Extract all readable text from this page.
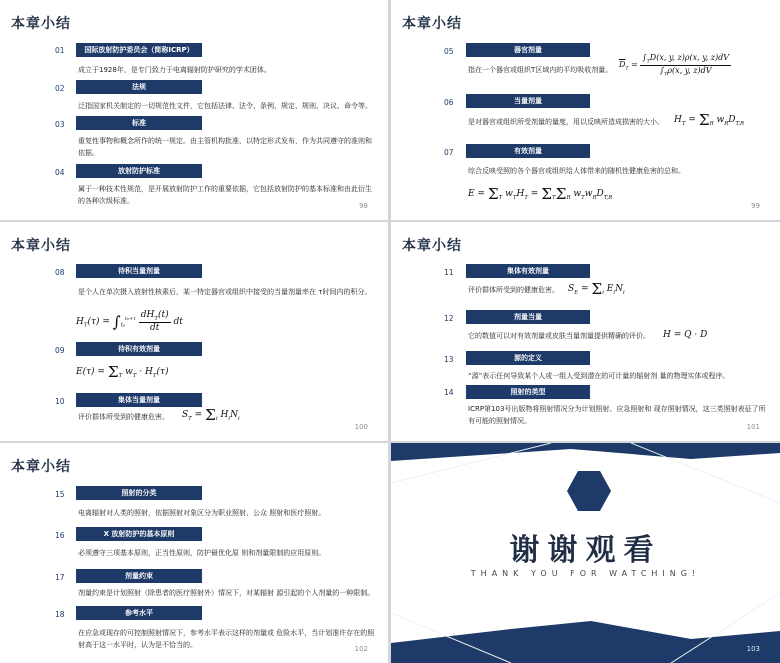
本章小结
01	国际放射防护委员会（简称ICRP）
成立于1928年，是专门致力于电离辐射防护研究的学术团体。
02	法规
泛指国家机关制定的一切规范性文件，它包括法律、法令、条例、规定、规则、决议、命令等。
03	标准
重复性事物和概念所作的统一规定。由主管机构批准，以特定形式发布，作为共同遵守的准则和依据。
04	放射防护标准
属于一种技术性规范，是开展放射防护工作的重要依据，它包括放射防护的基本标准和由此衍生的各种次级标准。
98
本章小结
05	器官剂量
指在一个器官或组织T区域内的平均吸收剂量。
$\overline{D}_T = \frac{\int_TD(x, y, z)\rho(x, y, z)dV}{\int_T\rho(x, y, z)dV}$
06	当量剂量
是对器官或组织所受剂量的量度，用以反映所造成损害的大小。 $H_T = \Sigma_R$ $w_RD_{T,R}$
07	有效剂量
综合反映受照的各个器官或组织给人体带来的随机性健康危害的总和。
$E = \Sigma_T$ $w_TH_T = \Sigma_T\Sigma_R$ $w_Tw_RD_{T,R}$
99
本章小结
08	待积当量剂量
是个人在单次摄入放射性核素后，某一特定器官或组织中接受的当量剂量率在 τ时间内的积分。
$H_T(\tau) = \int_{t_0}^{t_0+\tau} \frac{dH_T(t)}{dt}$ dt
09	待积有效剂量
$E(\tau) = \Sigma_T$ $w_T \cdot H_T(\tau)$
10	集体当量剂量
评价群体所受到的健康危害。 $S_T = \Sigma_i$ $H_iN_i$
100
本章小结
11	集体有效剂量
评价群体所受到的健康危害。 $S_E = \Sigma_i$ $E_iN_i$
12	剂量当量
它的数值可以对有效剂量或皮肤当量剂量提供精确的评价。 H = Q · D
13	源的定义
“源”表示任何导致某个人或一组人受到潜在的可计量的辐射剂 量的物理实体或程序。
14	照射的类型
ICRP第103号出版物将照射情况分为计划照射、应急照射和 现存照射情况，这三类照射表征了所有可能的照射情况。
101
本章小结
15	照射的分类
电离辐射对人类的照射，依据照射对象区分为职业照射、公众 照射和医疗照射。
16	X 放射防护的基本原则
必须遵守三项基本原则，正当性原则，防护最优化原 则和剂量限制的应用原则。
17	剂量约束
剂量约束是计划照射（除患者的医疗照射外）情况下，对某辐射 源引起的个人剂量的一种限制。
18	参考水平
在应急或现存的可控制照射情况下，参考水平表示这样的剂量或 危险水平，当计划准许存在的照射高于这一水平时，认为是不恰当的。	102
谢谢观看
THANK YOU FOR WATCHING!
103
